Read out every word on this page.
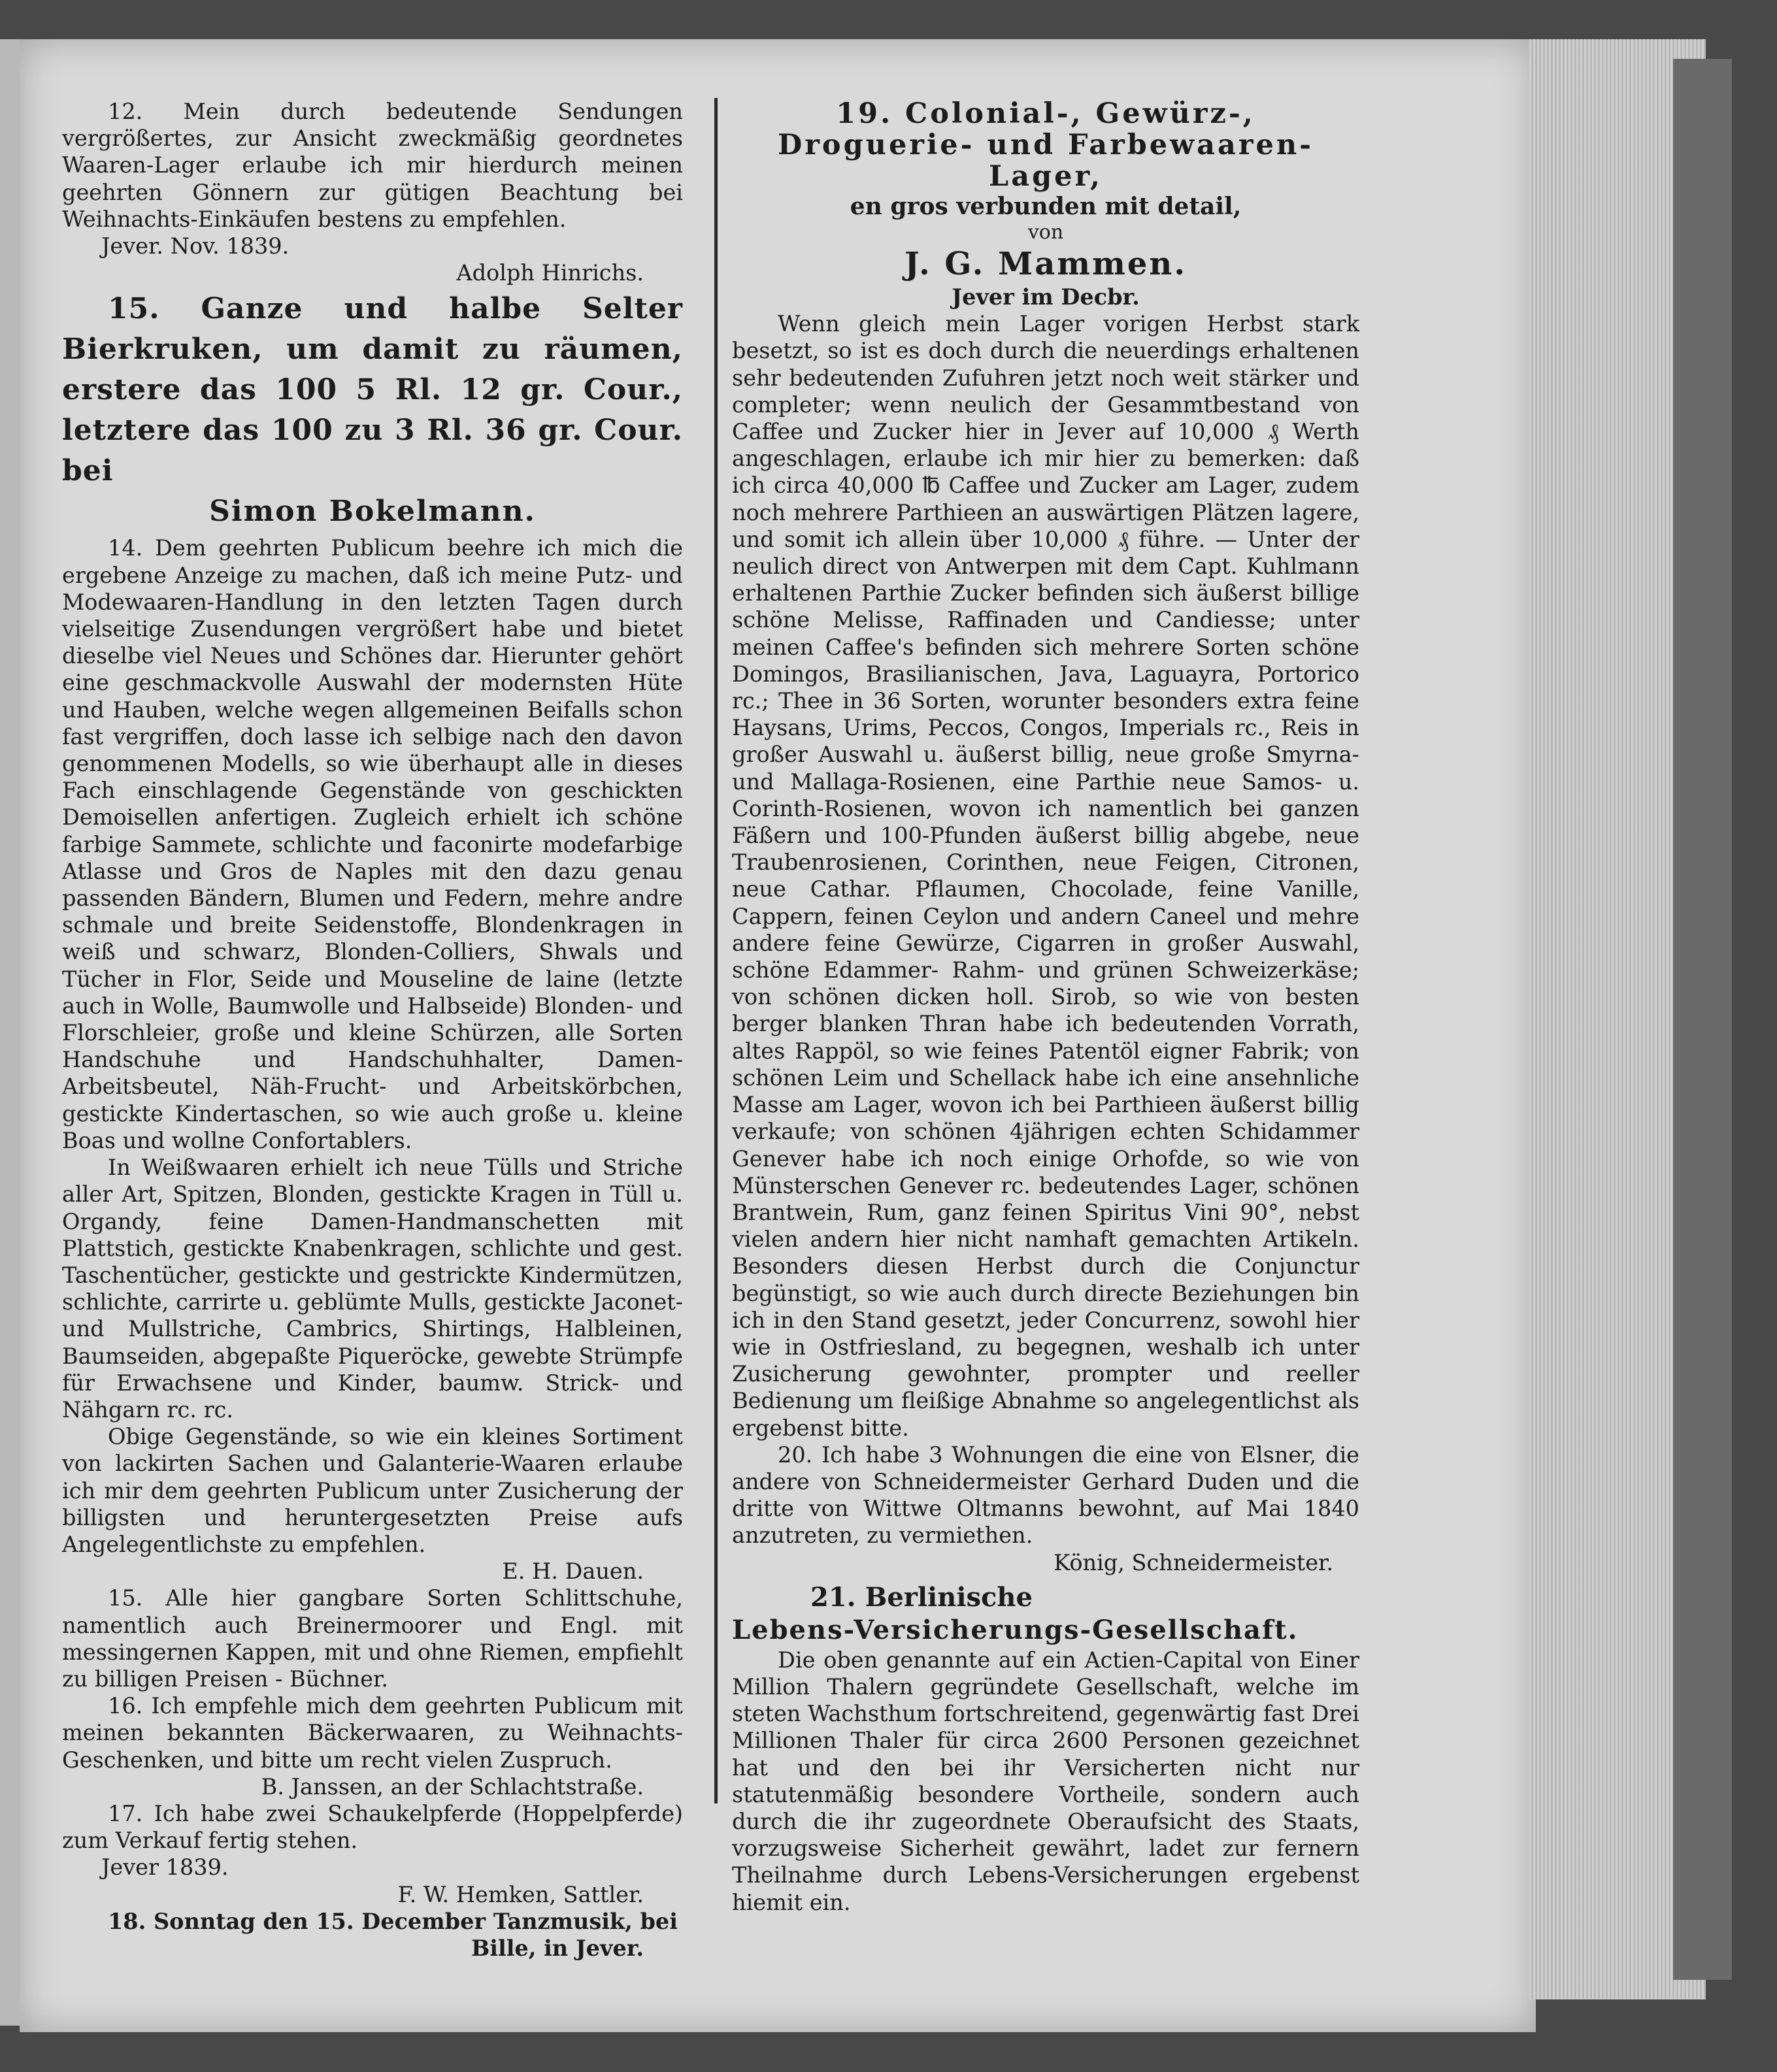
12. Mein durch bedeutende Sendungen vergrößertes, zur Ansicht zweckmäßig geordnetes Waaren-Lager erlaube ich mir hierdurch meinen geehrten Gönnern zur gütigen Beachtung bei Weihnachts-Einkäufen bestens zu empfehlen.

Jever. Nov. 1839.

Adolph Hinrichs.

15. Ganze und halbe Selter Bierkruken, um damit zu räumen, erstere das 100 5 Rl. 12 gr. Cour., letztere das 100 zu 3 Rl. 36 gr. Cour. bei

Simon Bokelmann.

14. Dem geehrten Publicum beehre ich mich die ergebene Anzeige zu machen, daß ich meine Putz- und Modewaaren-Handlung in den letzten Tagen durch vielseitige Zusendungen vergrößert habe und bietet dieselbe viel Neues und Schönes dar. Hierunter gehört eine geschmackvolle Auswahl der modernsten Hüte und Hauben, welche wegen allgemeinen Beifalls schon fast vergriffen, doch lasse ich selbige nach den davon genommenen Modells, so wie überhaupt alle in dieses Fach einschlagende Gegenstände von geschickten Demoisellen anfertigen. Zugleich erhielt ich schöne farbige Sammete, schlichte und faconirte modefarbige Atlasse und Gros de Naples mit den dazu genau passenden Bändern, Blumen und Federn, mehre andre schmale und breite Seidenstoffe, Blondenkragen in weiß und schwarz, Blonden-Colliers, Shwals und Tücher in Flor, Seide und Mouseline de laine (letzte auch in Wolle, Baumwolle und Halbseide) Blonden- und Florschleier, große und kleine Schürzen, alle Sorten Handschuhe und Handschuhhalter, Damen-Arbeitsbeutel, Näh-Frucht- und Arbeitskörbchen, gestickte Kindertaschen, so wie auch große u. kleine Boas und wollne Confortablers.

In Weißwaaren erhielt ich neue Tülls und Striche aller Art, Spitzen, Blonden, gestickte Kragen in Tüll u. Organdy, feine Damen-Handmanschetten mit Plattstich, gestickte Knabenkragen, schlichte und gest. Taschentücher, gestickte und gestrickte Kindermützen, schlichte, carrirte u. geblümte Mulls, gestickte Jaconet- und Mullstriche, Cambrics, Shirtings, Halbleinen, Baumseiden, abgepaßte Piqueröcke, gewebte Strümpfe für Erwachsene und Kinder, baumw. Strick- und Nähgarn rc. rc.

Obige Gegenstände, so wie ein kleines Sortiment von lackirten Sachen und Galanterie-Waaren erlaube ich mir dem geehrten Publicum unter Zusicherung der billigsten und heruntergesetzten Preise aufs Angelegentlichste zu empfehlen.

E. H. Dauen.

15. Alle hier gangbare Sorten Schlittschuhe, namentlich auch Breinermoorer und Engl. mit messingernen Kappen, mit und ohne Riemen, empfiehlt zu billigen Preisen - Büchner.

16. Ich empfehle mich dem geehrten Publicum mit meinen bekannten Bäckerwaaren, zu Weihnachts-Geschenken, und bitte um recht vielen Zuspruch.

B. Janssen, an der Schlachtstraße.

17. Ich habe zwei Schaukelpferde (Hoppelpferde) zum Verkauf fertig stehen.

Jever 1839.

F. W. Hemken, Sattler.

18. Sonntag den 15. December Tanzmusik, bei

Bille, in Jever.

19. Colonial-, Gewürz-, Droguerie- und Farbewaaren-Lager,

en gros verbunden mit detail,

von

J. G. Mammen.

Jever im Decbr.

Wenn gleich mein Lager vorigen Herbst stark besetzt, so ist es doch durch die neuerdings erhaltenen sehr bedeutenden Zufuhren jetzt noch weit stärker und completer; wenn neulich der Gesammtbestand von Caffee und Zucker hier in Jever auf 10,000 ₰ Werth angeschlagen, erlaube ich mir hier zu bemerken: daß ich circa 40,000 ℔ Caffee und Zucker am Lager, zudem noch mehrere Parthieen an auswärtigen Plätzen lagere, und somit ich allein über 10,000 ₰ führe. — Unter der neulich direct von Antwerpen mit dem Capt. Kuhlmann erhaltenen Parthie Zucker befinden sich äußerst billige schöne Melisse, Raffinaden und Candiesse; unter meinen Caffee's befinden sich mehrere Sorten schöne Domingos, Brasilianischen, Java, Laguayra, Portorico rc.; Thee in 36 Sorten, worunter besonders extra feine Haysans, Urims, Peccos, Congos, Imperials rc., Reis in großer Auswahl u. äußerst billig, neue große Smyrna- und Mallaga-Rosienen, eine Parthie neue Samos- u. Corinth-Rosienen, wovon ich namentlich bei ganzen Fäßern und 100-Pfunden äußerst billig abgebe, neue Traubenrosienen, Corinthen, neue Feigen, Citronen, neue Cathar. Pflaumen, Chocolade, feine Vanille, Cappern, feinen Ceylon und andern Caneel und mehre andere feine Gewürze, Cigarren in großer Auswahl, schöne Edammer- Rahm- und grünen Schweizerkäse; von schönen dicken holl. Sirob, so wie von besten berger blanken Thran habe ich bedeutenden Vorrath, altes Rappöl, so wie feines Patentöl eigner Fabrik; von schönen Leim und Schellack habe ich eine ansehnliche Masse am Lager, wovon ich bei Parthieen äußerst billig verkaufe; von schönen 4jährigen echten Schidammer Genever habe ich noch einige Orhofde, so wie von Münsterschen Genever rc. bedeutendes Lager, schönen Brantwein, Rum, ganz feinen Spiritus Vini 90°, nebst vielen andern hier nicht namhaft gemachten Artikeln. Besonders diesen Herbst durch die Conjunctur begünstigt, so wie auch durch directe Beziehungen bin ich in den Stand gesetzt, jeder Concurrenz, sowohl hier wie in Ostfriesland, zu begegnen, weshalb ich unter Zusicherung gewohnter, prompter und reeller Bedienung um fleißige Abnahme so angelegentlichst als ergebenst bitte.

20. Ich habe 3 Wohnungen die eine von Elsner, die andere von Schneidermeister Gerhard Duden und die dritte von Wittwe Oltmanns bewohnt, auf Mai 1840 anzutreten, zu vermiethen.

König, Schneidermeister.

21. Berlinische

Lebens-Versicherungs-Gesellschaft.

Die oben genannte auf ein Actien-Capital von Einer Million Thalern gegründete Gesellschaft, welche im steten Wachsthum fortschreitend, gegenwärtig fast Drei Millionen Thaler für circa 2600 Personen gezeichnet hat und den bei ihr Versicherten nicht nur statutenmäßig besondere Vortheile, sondern auch durch die ihr zugeordnete Oberaufsicht des Staats, vorzugsweise Sicherheit gewährt, ladet zur fernern Theilnahme durch Lebens-Versicherungen ergebenst hiemit ein.
